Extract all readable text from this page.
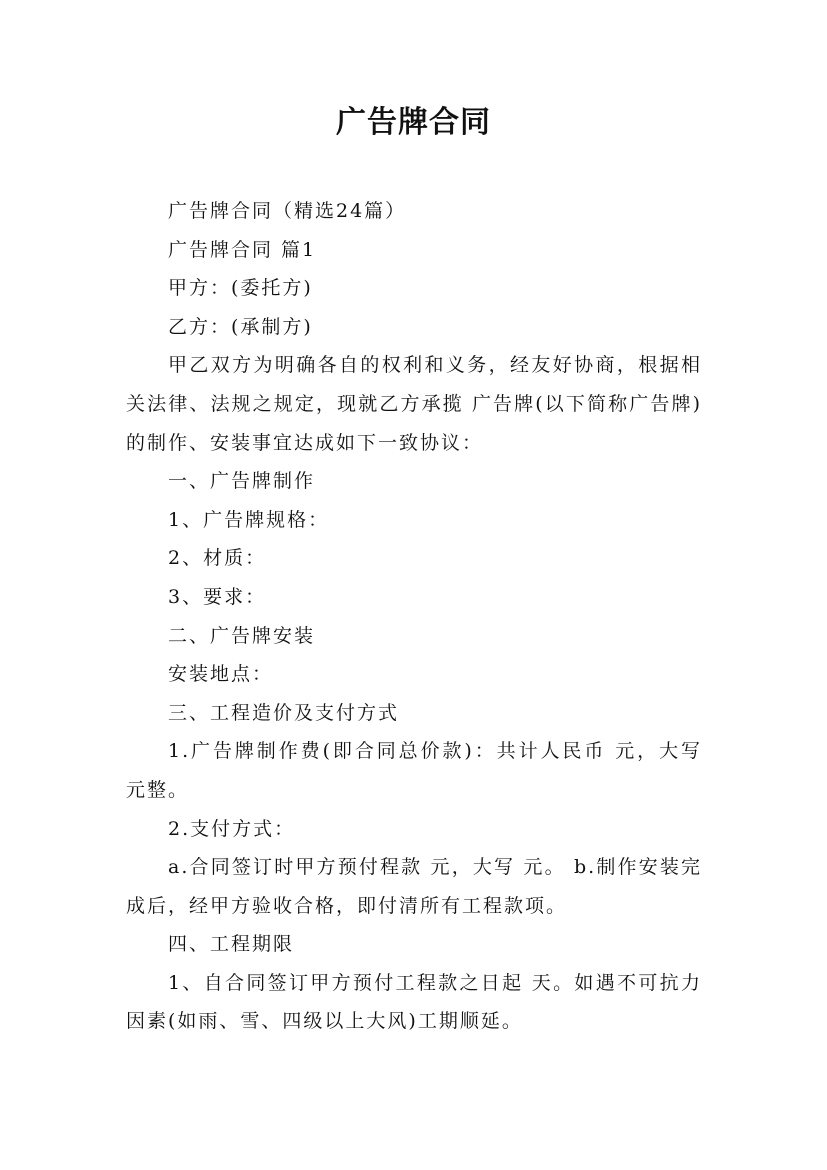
广告牌合同

广告牌合同（精选24篇）

广告牌合同 篇1

甲方：(委托方)

乙方：(承制方)

甲乙双方为明确各自的权利和义务，经友好协商，根据相关法律、法规之规定，现就乙方承揽 广告牌(以下简称广告牌)的制作、安装事宜达成如下一致协议：

一、广告牌制作

1、广告牌规格：

2、材质：

3、要求：

二、广告牌安装

安装地点：

三、工程造价及支付方式

1.广告牌制作费(即合同总价款)：共计人民币 元，大写 元整。

2.支付方式：

a.合同签订时甲方预付程款 元，大写 元。 b.制作安装完成后，经甲方验收合格，即付清所有工程款项。

四、工程期限

1、自合同签订甲方预付工程款之日起 天。如遇不可抗力因素(如雨、雪、四级以上大风)工期顺延。
